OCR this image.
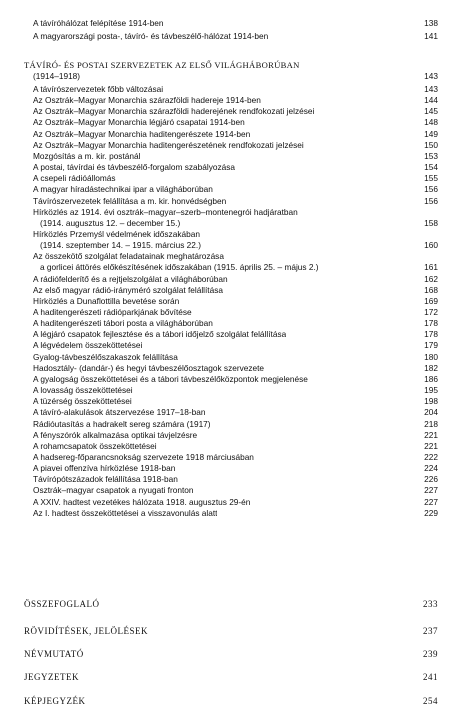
A távíróhálózat felépítése 1914-ben	138
A magyarországi posta-, távíró- és távbeszélő-hálózat 1914-ben	141
TÁVÍRÓ- ÉS POSTAI SZERVEZETEK AZ ELSŐ VILÁGHÁBORÚBAN
(1914–1918)	143
A távírószervezetek főbb változásai	143
Az Osztrák–Magyar Monarchia szárazföldi hadereje 1914-ben	144
Az Osztrák–Magyar Monarchia szárazföldi haderejének rendfokozati jelzései	145
Az Osztrák–Magyar Monarchia légjáró csapatai 1914-ben	148
Az Osztrák–Magyar Monarchia haditengerészete 1914-ben	149
Az Osztrák–Magyar Monarchia haditengerészetének rendfokozati jelzései	150
Mozgósítás a m. kir. postánál	153
A postai, távírdai és távbeszélő-forgalom szabályozása	154
A csepeli rádióállomás	155
A magyar híradástechnikai ipar a világháborúban	156
Távírószervezetek felállítása a m. kir. honvédségben	156
Hírközlés az 1914. évi osztrák–magyar–szerb–montenegrói hadjáratban
(1914. augusztus 12. – december 15.)	158
Hírközlés Przemyśl védelmének időszakában
(1914. szeptember 14. – 1915. március 22.)	160
Az összekötő szolgálat feladatainak meghatározása
a gorlicei áttörés előkészítésének időszakában (1915. április 25. – május 2.)	161
A rádiófelderítő és a rejtjelszolgálat a világháborúban	162
Az első magyar rádió-irányméró szolgálat felállítása	168
Hírközlés a Dunaflottilla bevetése során	169
A haditengerészeti rádióparkjának bővítése	172
A haditengerészeti tábori posta a világháborúban	178
A légjáró csapatok fejlesztése és a tábori időjelző szolgálat felállítása	178
A légvédelem összeköttetései	179
Gyalog-távbeszélőszakaszok felállítása	180
Hadosztály- (dandár-) és hegyi távbeszélőosztagok szervezete	182
A gyalogság összeköttetései és a tábori távbeszélőközpontok megjelenése	186
A lovasság összeköttetései	195
A tüzérség összeköttetései	198
A távíró-alakulások átszervezése 1917–18-ban	204
Rádióutasítás a hadrakelt sereg számára (1917)	218
A fényszórók alkalmazása optikai távjelzésre	221
A rohamcsapatok összeköttetései	221
A hadsereg-főparancsnokság szervezete 1918 márciusában	222
A piavei offenzíva hírközlése 1918-ban	224
Távírópótszázadok felállítása 1918-ban	226
Osztrák–magyar csapatok a nyugati fronton	227
A XXIV. hadtest vezetékes hálózata 1918. augusztus 29-én	227
Az I. hadtest összeköttetései a visszavonulás alatt	229
ÖSSZEFOGLALÓ	233
RÖVIDÍTÉSEK, JELÖLÉSEK	237
NÉVMUTATÓ	239
JEGYZETEK	241
KÉPJEGYZÉK	254
